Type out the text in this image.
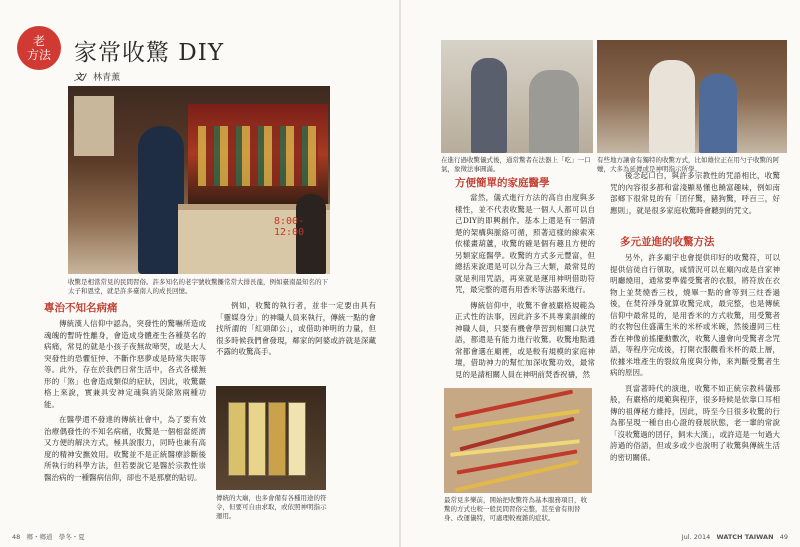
老
方法 家常收驚 DIY
文/ 林青薰
8:00-12:00
收驚是相當常見的民間習俗。許多知名的老字號收驚攤常常大排長龍，例如臺南最知名的下太子和恩堂，就是許多臺南人的成長回憶。
專治不知名病痛

傳統漢人信仰中認為，突發性的驚嚇所造成魂魄的暫時性離身，會造成身體產生各種莫名的病痛，常見的就是小孩子夜無故啼哭，或是大人突發性的恐懼怔忡、不斷作惡夢或是時常失眠等等。此外，存在於我們日常生活中，各式各樣無形的「煞」也會造成類似的症狀，因此，收驚嚴格上來說，實兼具安神定魂與消災除煞兩種功能。

在醫學還不發達的傳統社會中，為了要有效治療偶發性的不知名病痛，收驚是一個相當經濟又方便的解決方式，極具說服力，同時也兼有高度的精神安撫效用。收驚並不是正統醫療診斷後所執行的科學方法，但若要說它是醫於宗教性崇醫治病的一種醫病信仰，卻也不是那麼的貼切。

例如，收驚的執行者，並非一定要由具有「靈媒身分」的神職人員來執行，傳統一點的會找所謂的「紅頭師公」，或借助神明的力量，但很多時候我們會發現，鄰家的阿婆或許就是深藏不露的收驚高手。

傳統的大廟，也多會備有各種用途的符令，但要可自由求取，或依照神明指示運用。
48 鄉・鄉道 學冬・夏
在進行過收驚儀式後，通常驚者在法器上「吃」一口氣，象徵法事圓滿。
有些地方讓會有獨特的收驚方式，比如雄位正在用勺子收驚的阿嬤，大多為延傳或是神明指示所學。
方便簡單的家庭醫學

當然，儀式進行方法的高自由度與多樣性，並不代表收驚是一個人人都可以自己DIY的即興創作。基本上還是有一個清楚的架構與脈絡可循，照著這樣的線索來依樣畫葫蘆，收驚的確是個有趣且方便的另類家庭醫學。收驚的方式多元豐富，但總括來說還是可以分為三大類，最常見的就是利用咒語，再來就是運用神明借助符咒，最完整的還有用香米等法器來進行。

傳統信仰中，收驚不會被嚴格規範為正式性的法事，因此許多不具專業訓練的神職人員，只要有機會學習到相關口訣咒語，都還是有能力進行收驚。收驚地點通常都會選在廟裡，或是較有規模的家庭神壇，借助神力的幫忙加深收驚功效，最常見的是請相關人員在神明前焚香祝禱，然

後念起口白，與許多宗教性的咒語相比，收驚咒的內容很多都和當淺顯易懂也饒富趣味，例如南部鄉下很常見的有「囝仔驚，豬狗驚，呼百三，好應則」，就是很多家庭收驚時會聽到的咒文。

多元並進的收驚方法

另外，許多廟宇也會提供印好的收驚符，可以提供信徒自行領取，咸情況可以在廟內或是自家神明廳燒用，通常要準備受驚者的衣服，將符放在衣物上並焚燒香三枝，燒畢一點的會等到三炷香過後，在焚符淨身就算收驚完成，最完整，也是傳統信仰中最常見的，是用香米的方式收驚，用受驚者的衣物包住盛滿生米的米杯或米碗，然後邊同三柱香在神像前搖擺動數次，收驚人邊會向受驚者念咒語，等程序完成後，打開衣服觀看米杯的最上層，依據米堆產生的裂紋角度與分佈，來判斷受驚者生病的原因。

頁當著時代的演進，收驚不如正統宗教科儀那般，有嚴格的規範與程序，很多時候是依靠口耳相傳的祖傳秘方維持，因此，時至今日很多收驚的行為都呈現一種自由心證的發展狀態，老一輩的常說「沒收驚過的囝仔，飼未大漢」，或許這是一句過大誇過的俗語，但或多或少也說明了收驚與傳統生活的密切關係。

最常見多樂前，開始把收驚符為基本服務項目，收驚的方式也較一般民間習俗完整，甚至會有則替身、改運儀特，可處理較複雜的症狀。
Jul. 2014 WATCH TAIWAN 49
